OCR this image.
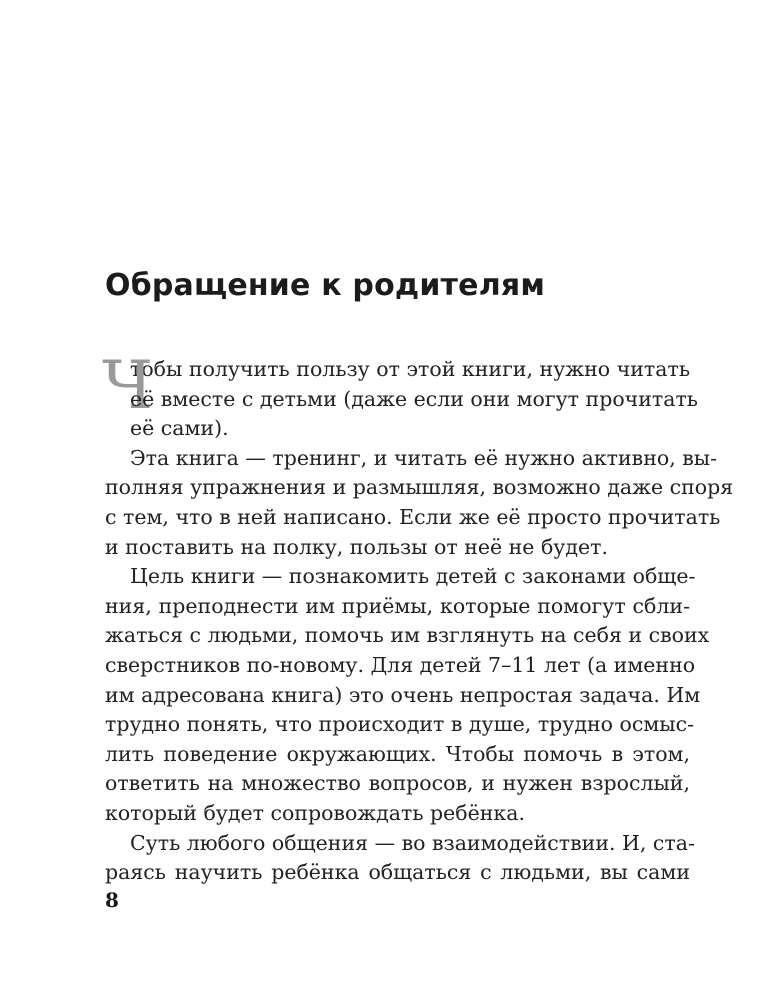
Обращение к родителям
Ч
тобы получить пользу от этой книги, нужно читать
её вместе с детьми (даже если они могут прочитать
её сами).
Эта книга — тренинг, и читать её нужно активно, вы-
полняя упражнения и размышляя, возможно даже споря
с тем, что в ней написано. Если же её просто прочитать
и поставить на полку, пользы от неё не будет.
Цель книги — познакомить детей с законами обще-
ния, преподнести им приёмы, которые помогут сбли-
жаться с людьми, помочь им взглянуть на себя и своих
сверстников по-новому. Для детей 7–11 лет (а именно
им адресована книга) это очень непростая задача. Им
трудно понять, что происходит в душе, трудно осмыс-
лить поведение окружающих. Чтобы помочь в этом,
ответить на множество вопросов, и нужен взрослый,
который будет сопровождать ребёнка.
Суть любого общения — во взаимодействии. И, ста-
раясь научить ребёнка общаться с людьми, вы сами
8
